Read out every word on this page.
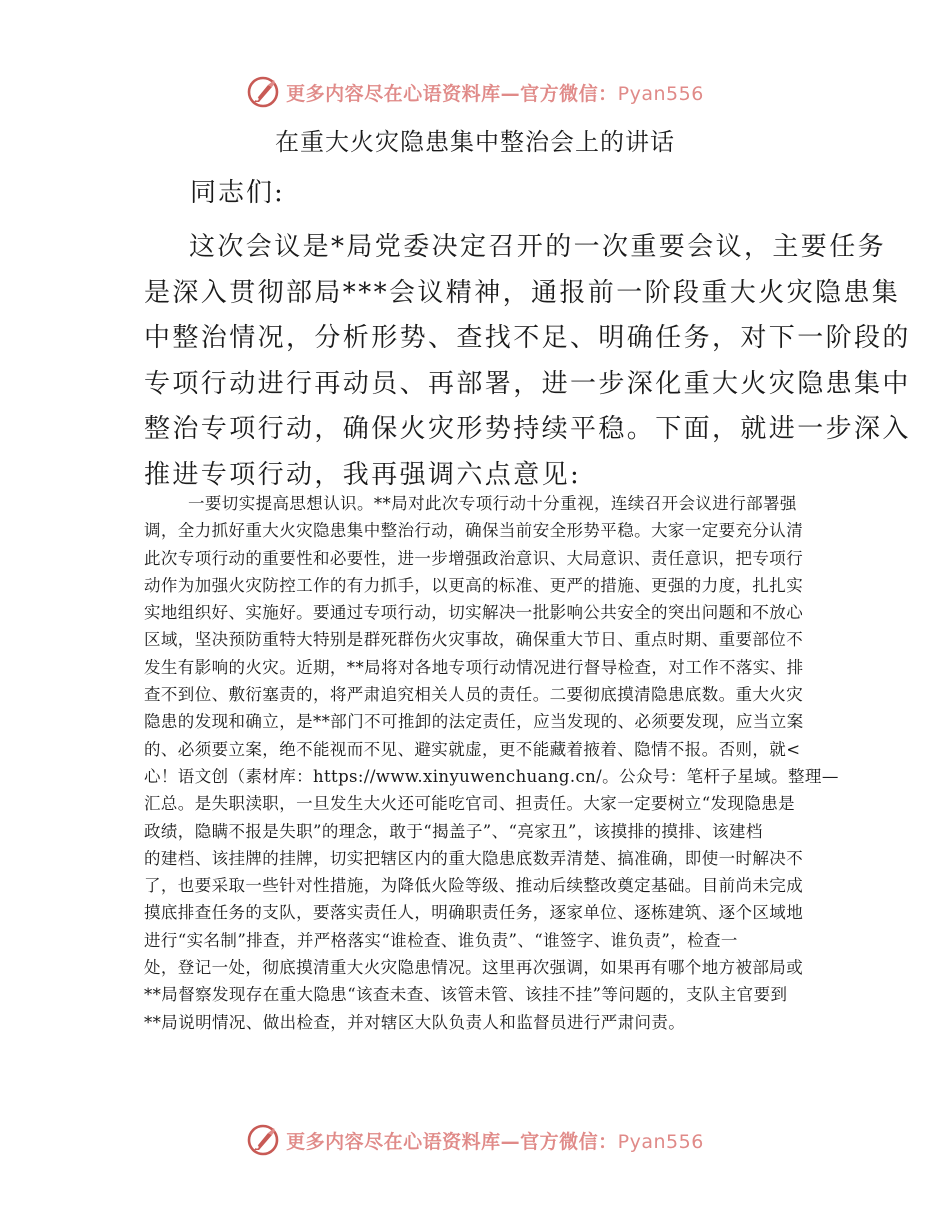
更多内容尽在心语资料库—官方微信：Pyan556
在重大火灾隐患集中整治会上的讲话

同志们:

这次会议是*局党委决定召开的一次重要会议，主要任务
是深入贯彻部局***会议精神，通报前一阶段重大火灾隐患集
中整治情况，分析形势、查找不足、明确任务，对下一阶段的
专项行动进行再动员、再部署，进一步深化重大火灾隐患集中
整治专项行动，确保火灾形势持续平稳。下面，就进一步深入
推进专项行动，我再强调六点意见:
一要切实提高思想认识。**局对此次专项行动十分重视，连续召开会议进行部署强
调，全力抓好重大火灾隐患集中整治行动，确保当前安全形势平稳。大家一定要充分认清
此次专项行动的重要性和必要性，进一步增强政治意识、大局意识、责任意识，把专项行
动作为加强火灾防控工作的有力抓手，以更高的标准、更严的措施、更强的力度，扎扎实
实地组织好、实施好。要通过专项行动，切实解决一批影响公共安全的突出问题和不放心
区域，坚决预防重特大特别是群死群伤火灾事故，确保重大节日、重点时期、重要部位不
发生有影响的火灾。近期，**局将对各地专项行动情况进行督导检查，对工作不落实、排
查不到位、敷衍塞责的，将严肃追究相关人员的责任。二要彻底摸清隐患底数。重大火灾
隐患的发现和确立，是**部门不可推卸的法定责任，应当发现的、必须要发现，应当立案
的、必须要立案，绝不能视而不见、避实就虚，更不能藏着掖着、隐情不报。否则，就<
心！语文创（素材库：https://www.xinyuwenchuang.cn/。公众号：笔杆子星域。整理—
汇总。是失职渎职，一旦发生大火还可能吃官司、担责任。大家一定要树立“发现隐患是
政绩，隐瞒不报是失职”的理念，敢于“揭盖子”、“亮家丑”，该摸排的摸排、该建档
的建档、该挂牌的挂牌，切实把辖区内的重大隐患底数弄清楚、搞准确，即使一时解决不
了，也要采取一些针对性措施，为降低火险等级、推动后续整改奠定基础。目前尚未完成
摸底排查任务的支队，要落实责任人，明确职责任务，逐家单位、逐栋建筑、逐个区域地
进行“实名制”排查，并严格落实“谁检查、谁负责”、“谁签字、谁负责”，检查一
处，登记一处，彻底摸清重大火灾隐患情况。这里再次强调，如果再有哪个地方被部局或
**局督察发现存在重大隐患“该查未查、该管未管、该挂不挂”等问题的，支队主官要到
**局说明情况、做出检查，并对辖区大队负责人和监督员进行严肃问责。
更多内容尽在心语资料库—官方微信：Pyan556
